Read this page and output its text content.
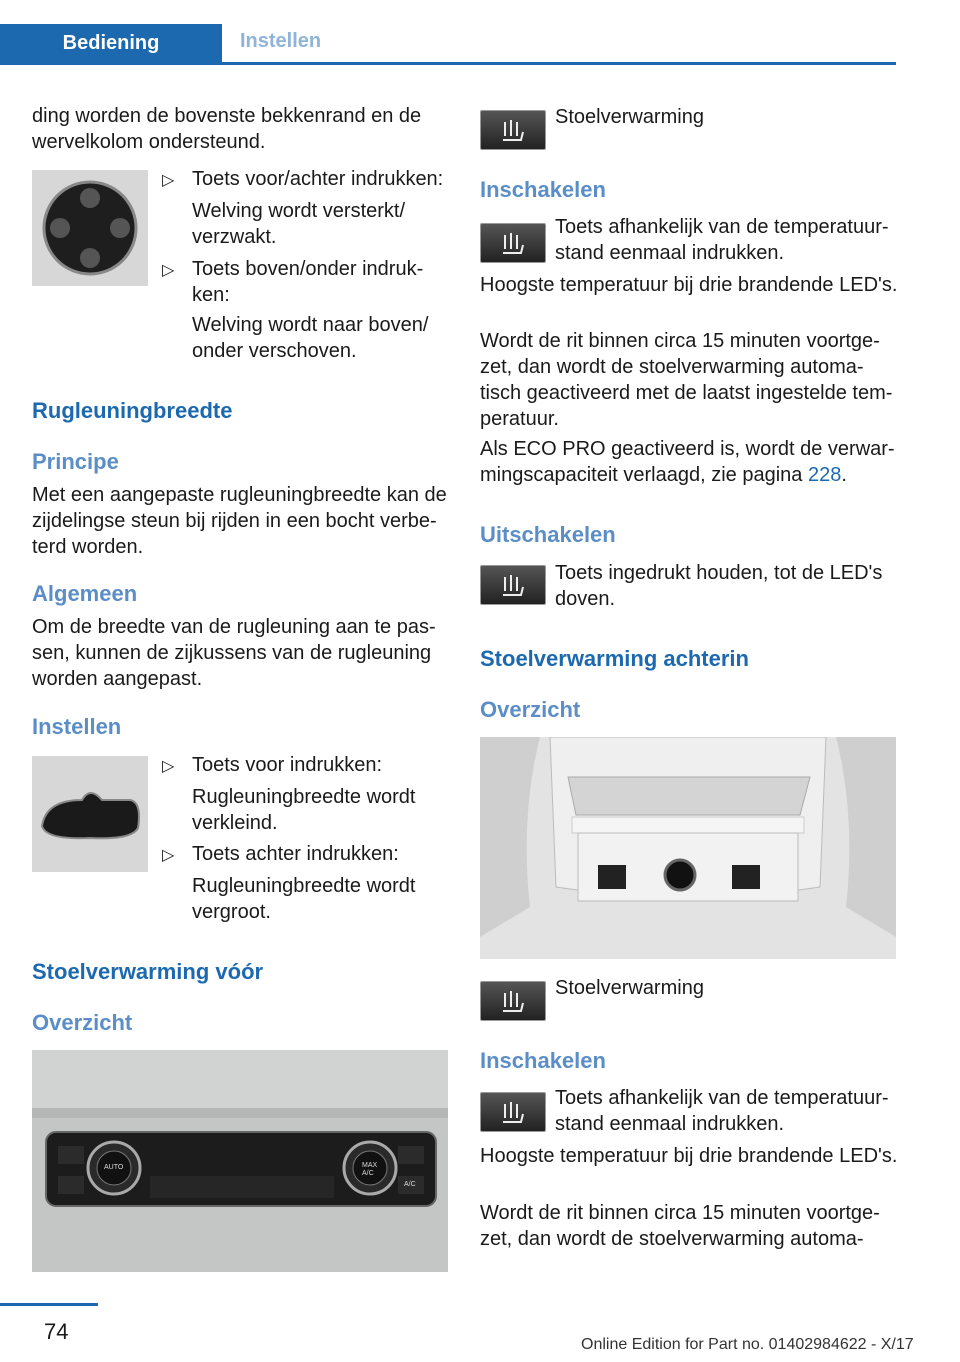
Bediening	Instellen

ding worden de bovenste bekkenrand en de wervelkolom ondersteund.

▷ Toets voor/achter indrukken:

Welving wordt versterkt/ verzwakt.

▷ Toets boven/onder indruk- ken:

Welving wordt naar boven/ onder verschoven.

Rugleuningbreedte
Principe

Met een aangepaste rugleuningbreedte kan de zijdelingse steun bij rijden in een bocht verbe- terd worden.

Algemeen

Om de breedte van de rugleuning aan te pas- sen, kunnen de zijkussens van de rugleuning worden aangepast.

Instellen
▷ Toets voor indrukken:

Rugleuningbreedte wordt verkleind.

▷ Toets achter indrukken:

Rugleuningbreedte wordt vergroot.

Stoelverwarming vóór
Overzicht
AUTO	MAX
A/C
A/C

Stoelverwarming

Inschakelen

Toets afhankelijk van de temperatuur- stand eenmaal indrukken.

Hoogste temperatuur bij drie brandende LED's.

Wordt de rit binnen circa 15 minuten voortge- zet, dan wordt de stoelverwarming automa- tisch geactiveerd met de laatst ingestelde tem- peratuur.

Als ECO PRO geactiveerd is, wordt de verwar- mingscapaciteit verlaagd, zie pagina 228.

Uitschakelen

Toets ingedrukt houden, tot de LED's doven.

Stoelverwarming achterin
Overzicht

Stoelverwarming

Inschakelen

Toets afhankelijk van de temperatuur- stand eenmaal indrukken.

Hoogste temperatuur bij drie brandende LED's.

Wordt de rit binnen circa 15 minuten voortge- zet, dan wordt de stoelverwarming automa-

74
Online Edition for Part no. 01402984622 - X/17
